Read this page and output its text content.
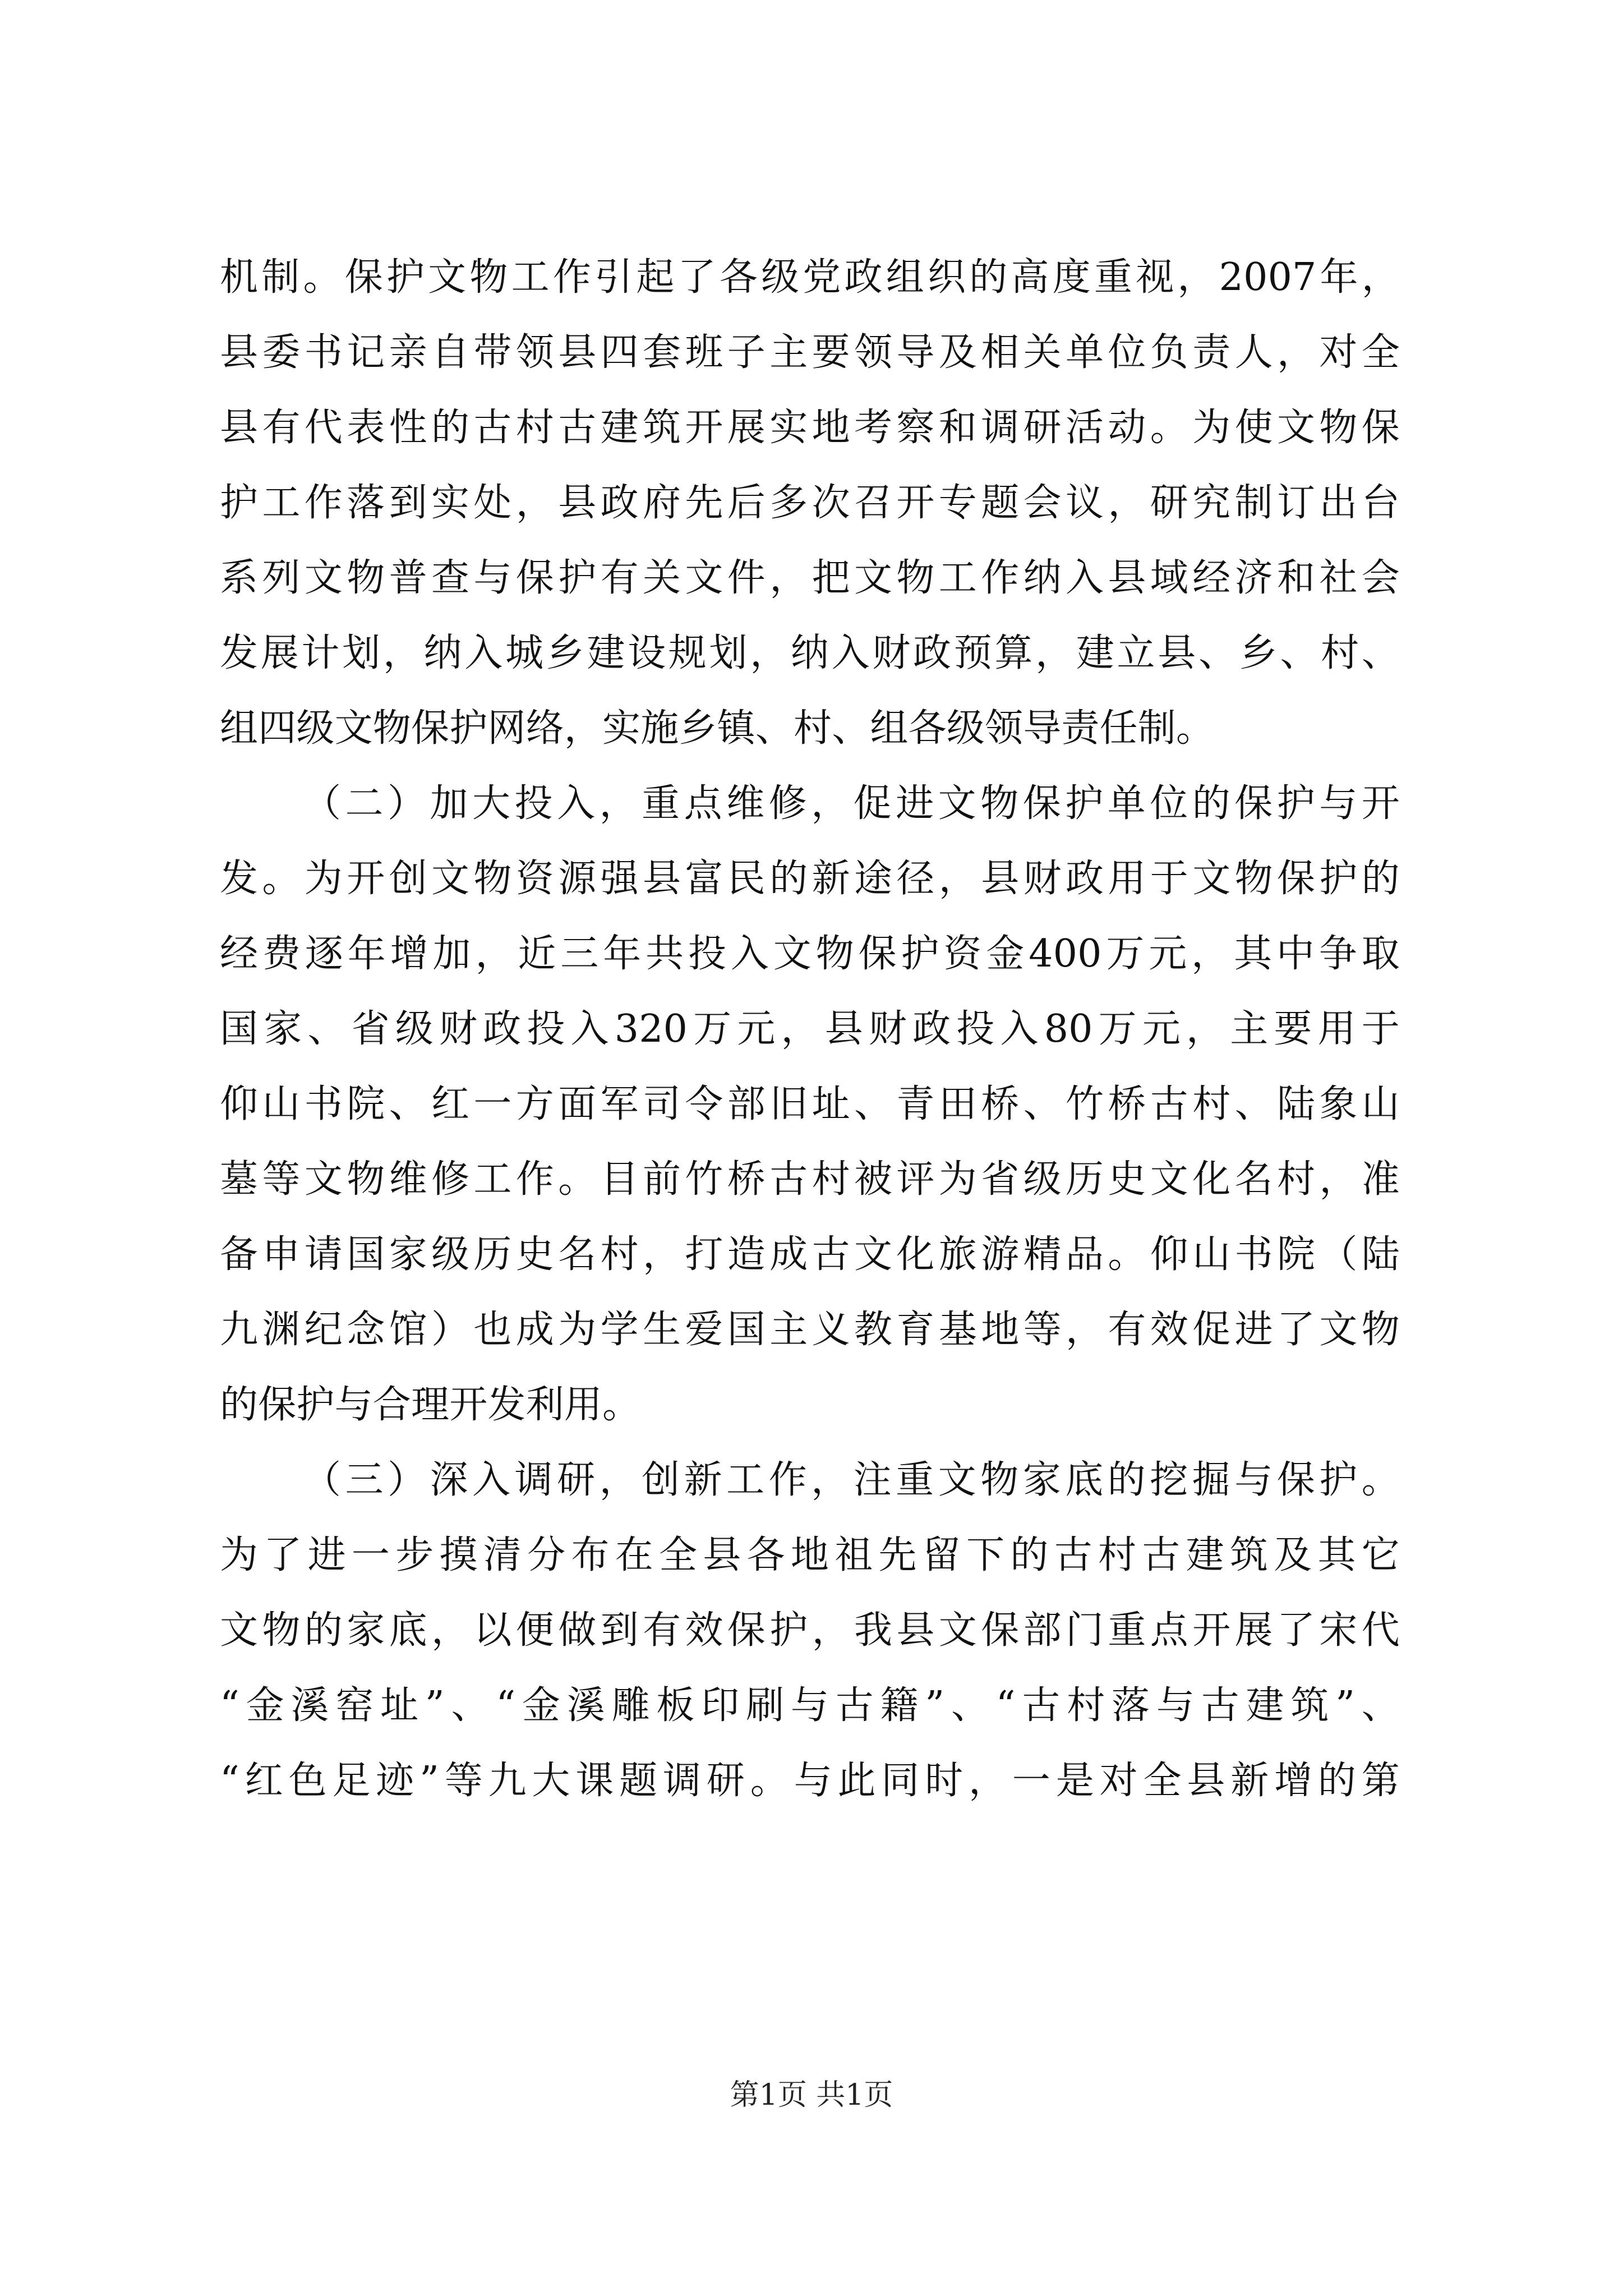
机制。保护文物工作引起了各级党政组织的高度重视，2007年，
县委书记亲自带领县四套班子主要领导及相关单位负责人，对全
县有代表性的古村古建筑开展实地考察和调研活动。为使文物保
护工作落到实处，县政府先后多次召开专题会议，研究制订出台
系列文物普查与保护有关文件，把文物工作纳入县域经济和社会
发展计划，纳入城乡建设规划，纳入财政预算，建立县、乡、村、
组四级文物保护网络，实施乡镇、村、组各级领导责任制。
（二）加大投入，重点维修，促进文物保护单位的保护与开
发。为开创文物资源强县富民的新途径，县财政用于文物保护的
经费逐年增加，近三年共投入文物保护资金400万元，其中争取
国家、省级财政投入320万元，县财政投入80万元，主要用于
仰山书院、红一方面军司令部旧址、青田桥、竹桥古村、陆象山
墓等文物维修工作。目前竹桥古村被评为省级历史文化名村，准
备申请国家级历史名村，打造成古文化旅游精品。仰山书院（陆
九渊纪念馆）也成为学生爱国主义教育基地等，有效促进了文物
的保护与合理开发利用。
（三）深入调研，创新工作，注重文物家底的挖掘与保护。
为了进一步摸清分布在全县各地祖先留下的古村古建筑及其它
文物的家底，以便做到有效保护，我县文保部门重点开展了宋代
“金溪窑址”、“金溪雕板印刷与古籍”、“古村落与古建筑”、
“红色足迹”等九大课题调研。与此同时，一是对全县新增的第
第1页 共1页
